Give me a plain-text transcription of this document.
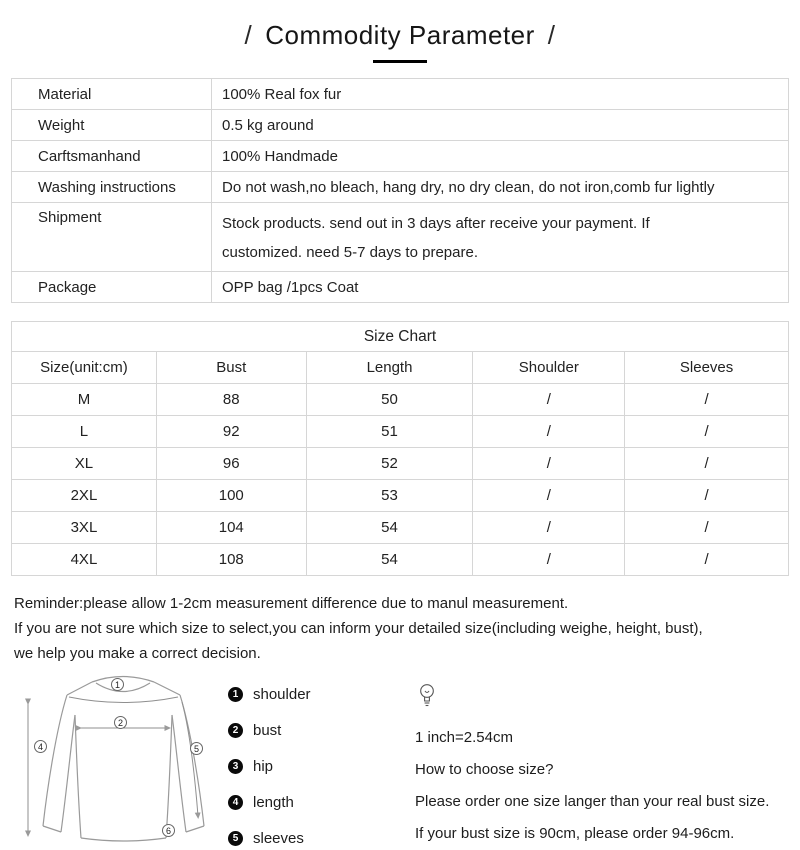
/ Commodity Parameter /
Material	100% Real fox fur
Weight	0.5 kg around
Carftsmanhand	100% Handmade
Washing instructions	Do not wash,no bleach, hang dry, no dry clean, do not iron,comb fur lightly
Shipment	Stock products. send out in 3 days after receive your payment. If customized. need 5-7 days to prepare.
Package	OPP bag /1pcs Coat
Size Chart				
Size(unit:cm)	Bust	Length	Shoulder	Sleeves
M	88	50	/	/
L	92	51	/	/
XL	96	52	/	/
2XL	100	53	/	/
3XL	104	54	/	/
4XL	108	54	/	/
Reminder:please allow 1-2cm measurement difference due to manul measurement.
If you are not sure which size to select,you can inform your detailed size(including weighe, height, bust),
we help you make a correct decision.
1
2
4	5
6
1 shoulder
2 bust
3 hip
4 length
5 sleeves
1 inch=2.54cm
How to choose size?
Please order one size langer than your real bust size.
If your bust size is 90cm, please order 94-96cm.
